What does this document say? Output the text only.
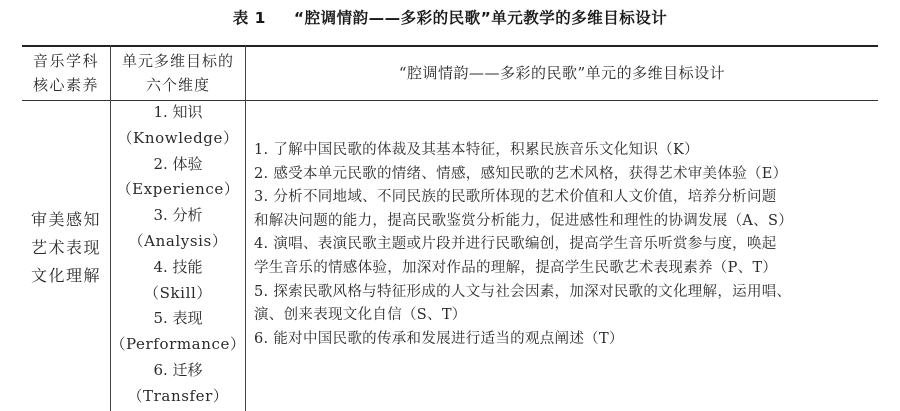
表 1 “腔调情韵——多彩的民歌”单元教学的多维目标设计
音乐学科
核心素养
单元多维目标的
六个维度
“腔调情韵——多彩的民歌”单元的多维目标设计
审美感知
艺术表现
文化理解
1. 知识
（Knowledge）
2. 体验
（Experience）
3. 分析
（Analysis）
4. 技能
（Skill）
5. 表现
（Performance）
6. 迁移
（Transfer）

1. 了解中国民歌的体裁及其基本特征，积累民族音乐文化知识（K）

2. 感受本单元民歌的情绪、情感，感知民歌的艺术风格，获得艺术审美体验（E）

3. 分析不同地域、不同民族的民歌所体现的艺术价值和人文价值，培养分析问题

和解决问题的能力，提高民歌鉴赏分析能力，促进感性和理性的协调发展（A、S）

4. 演唱、表演民歌主题或片段并进行民歌编创，提高学生音乐听赏参与度，唤起

学生音乐的情感体验，加深对作品的理解，提高学生民歌艺术表现素养（P、T）

5. 探索民歌风格与特征形成的人文与社会因素，加深对民歌的文化理解，运用唱、

演、创来表现文化自信（S、T）

6. 能对中国民歌的传承和发展进行适当的观点阐述（T）
